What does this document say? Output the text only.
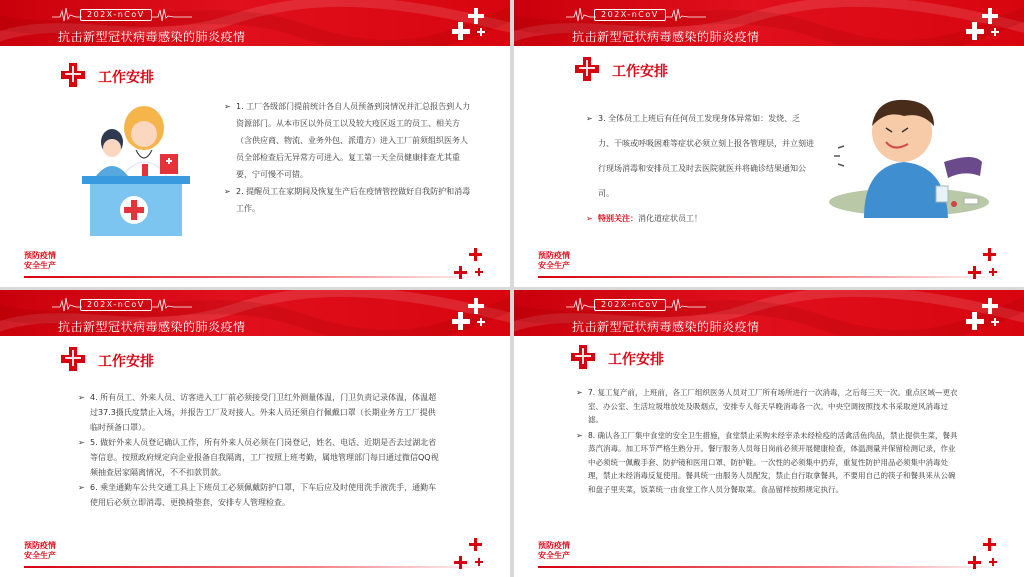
202X-nCoV
抗击新型冠状病毒感染的肺炎疫情
工作安排
➢ 1. 工厂各级部门提前统计各自人员预备到岗情况并汇总报告到人力资源部门。从本市区以外员工以及较大疫区返工的员工、相关方（含供应商、物流、业务外包、派遣方）进入工厂前须组织医务人员全部检查后无异常方可进入。复工第一天全员健康排查尤其重要，宁可慢不可错。
➢ 2. 提醒员工在家期间及恢复生产后在疫情管控做好自我防护和消毒工作。
预防疫情
安全生产
202X-nCoV
抗击新型冠状病毒感染的肺炎疫情
工作安排
➢ 3. 全体员工上班后有任何员工发现身体异常如：发烧、乏力、干咳或呼吸困难等症状必须立刻上报各管理层，并立刻进行现场消毒和安排员工及时去医院就医并将确诊结果通知公司。
➢ 特别关注：消化道症状员工！
预防疫情
安全生产
202X-nCoV
抗击新型冠状病毒感染的肺炎疫情
工作安排
➢ 4. 所有员工、外来人员、访客进入工厂前必须接受门卫红外测量体温，门卫负责记录体温，体温超过37.3摄氏度禁止入场，并报告工厂及对接人。外来人员还须自行佩戴口罩（长期业务方工厂提供临时预备口罩）。
➢ 5. 做好外来人员登记确认工作，所有外来人员必须在门岗登记，姓名、电话、近期是否去过湖北省等信息。按照政府规定向企业报备自我隔离，工厂按照上班考勤，属地管理部门每日通过微信QQ视频抽查居家隔离情况，不不扣款罚款。
➢ 6. 乘坐通勤车公共交通工具上下班员工必须佩戴防护口罩，下车后应及时使用洗手液洗手，通勤车使用后必须立即消毒、更换椅垫套，安排专人管理检查。
预防疫情
安全生产
202X-nCoV
抗击新型冠状病毒感染的肺炎疫情
工作安排
➢ 7. 复工复产前，上班前，各工厂组织医务人员对工厂所有场所进行一次消毒，之后每三天一次。重点区域—更衣室、办公室、生活垃圾堆放处及吸烟点，安排专人每天早晚消毒各一次。中央空调按照技术书采取逆风消毒过滤。
➢ 8. 确认各工厂集中食堂的安全卫生措施，食堂禁止采购未经宰杀未经检疫的活禽活鱼肉品，禁止提供生菜，餐具蒸汽消毒。加工环节严格生熟分开。餐厅服务人员每日岗前必须开展健康检查，体温测量并保留检测记录，作业中必须统一佩戴手套、防护镜和医用口罩、防护鞋。一次性的必须集中扔弃，重复性防护用品必须集中消毒处理，禁止未经消毒反复使用。餐具统一由服务人员配发，禁止自行取拿餐具，不要用自己的筷子和餐具来从公碗和盘子里夹菜，饭菜统一由食堂工作人员分餐取菜。食品留样按照规定执行。
预防疫情
安全生产
